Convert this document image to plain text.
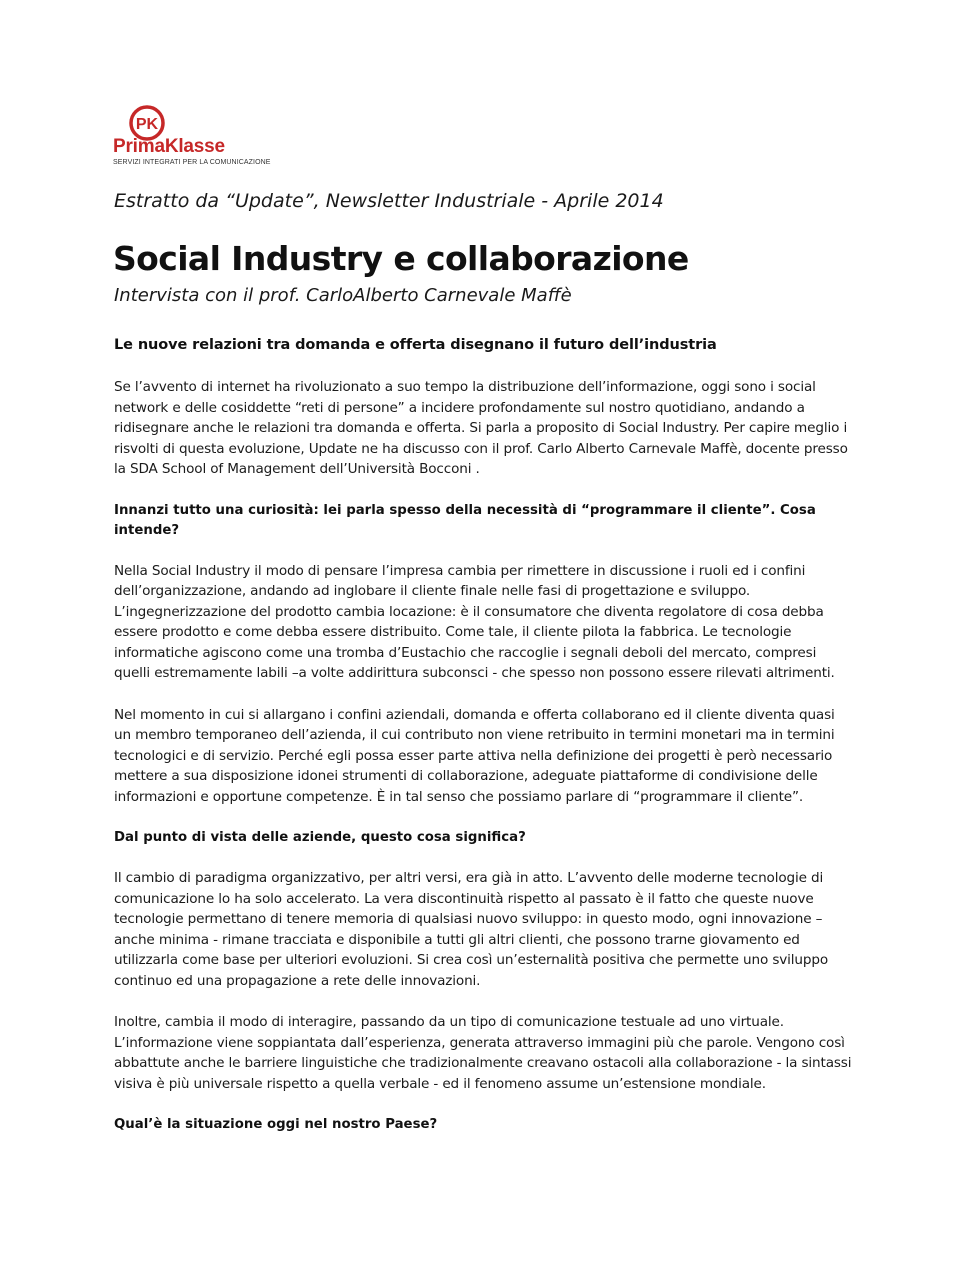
PK
PrimaKlasse
SERVIZI INTEGRATI PER LA COMUNICAZIONE
Estratto da “Update”, Newsletter Industriale - Aprile 2014
Social Industry e collaborazione
Intervista con il prof. CarloAlberto Carnevale Maffè
Le nuove relazioni tra domanda e offerta disegnano il futuro dell’industria

Se l’avvento di internet ha rivoluzionato a suo tempo la distribuzione dell’informazione, oggi sono i social network e delle cosiddette “reti di persone” a incidere profondamente sul nostro quotidiano, andando a ridisegnare anche le relazioni tra domanda e offerta. Si parla a proposito di Social Industry. Per capire meglio i risvolti di questa evoluzione, Update ne ha discusso con il prof. Carlo Alberto Carnevale Maffè, docente presso la SDA School of Management dell’Università Bocconi .

Innanzi tutto una curiosità: lei parla spesso della necessità di “programmare il cliente”. Cosa intende?

Nella Social Industry il modo di pensare l’impresa cambia per rimettere in discussione i ruoli ed i confini dell’organizzazione, andando ad inglobare il cliente finale nelle fasi di progettazione e sviluppo. L’ingegnerizzazione del prodotto cambia locazione: è il consumatore che diventa regolatore di cosa debba essere prodotto e come debba essere distribuito. Come tale, il cliente pilota la fabbrica. Le tecnologie informatiche agiscono come una tromba d’Eustachio che raccoglie i segnali deboli del mercato, compresi quelli estremamente labili –a volte addirittura subconsci - che spesso non possono essere rilevati altrimenti.

Nel momento in cui si allargano i confini aziendali, domanda e offerta collaborano ed il cliente diventa quasi un membro temporaneo dell’azienda, il cui contributo non viene retribuito in termini monetari ma in termini tecnologici e di servizio. Perché egli possa esser parte attiva nella definizione dei progetti è però necessario mettere a sua disposizione idonei strumenti di collaborazione, adeguate piattaforme di condivisione delle informazioni e opportune competenze. È in tal senso che possiamo parlare di “programmare il cliente”.

Dal punto di vista delle aziende, questo cosa significa?

Il cambio di paradigma organizzativo, per altri versi, era già in atto. L’avvento delle moderne tecnologie di comunicazione lo ha solo accelerato. La vera discontinuità rispetto al passato è il fatto che queste nuove tecnologie permettano di tenere memoria di qualsiasi nuovo sviluppo: in questo modo, ogni innovazione – anche minima - rimane tracciata e disponibile a tutti gli altri clienti, che possono trarne giovamento ed utilizzarla come base per ulteriori evoluzioni. Si crea così un’esternalità positiva che permette uno sviluppo continuo ed una propagazione a rete delle innovazioni.

Inoltre, cambia il modo di interagire, passando da un tipo di comunicazione testuale ad uno virtuale. L’informazione viene soppiantata dall’esperienza, generata attraverso immagini più che parole. Vengono così abbattute anche le barriere linguistiche che tradizionalmente creavano ostacoli alla collaborazione - la sintassi visiva è più universale rispetto a quella verbale - ed il fenomeno assume un’estensione mondiale.

Qual’è la situazione oggi nel nostro Paese?
